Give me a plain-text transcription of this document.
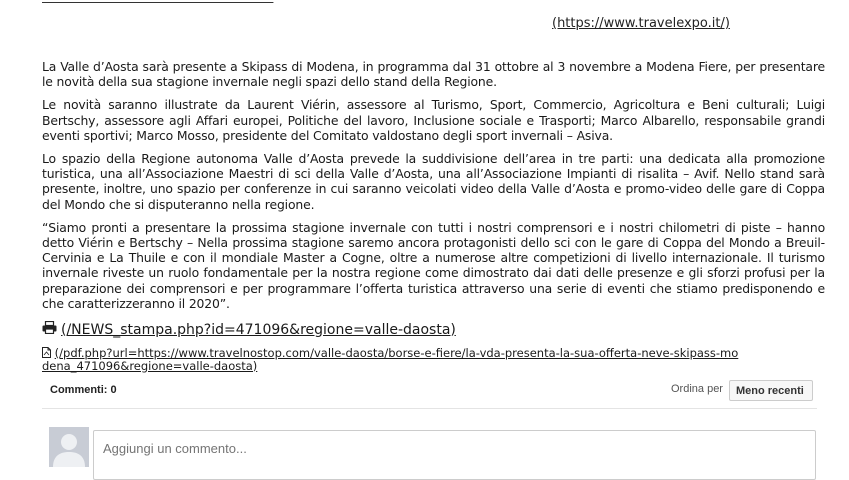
(https://www.travelexpo.it/)

La Valle d’Aosta sarà presente a Skipass di Modena, in programma dal 31 ottobre al 3 novembre a Modena Fiere, per presentare le novità della sua stagione invernale negli spazi dello stand della Regione.

Le novità saranno illustrate da Laurent Viérin, assessore al Turismo, Sport, Commercio, Agricoltura e Beni culturali; Luigi Bertschy, assessore agli Affari europei, Politiche del lavoro, Inclusione sociale e Trasporti; Marco Albarello, responsabile grandi eventi sportivi; Marco Mosso, presidente del Comitato valdostano degli sport invernali – Asiva.

Lo spazio della Regione autonoma Valle d’Aosta prevede la suddivisione dell’area in tre parti: una dedicata alla promozione turistica, una all’Associazione Maestri di sci della Valle d’Aosta, una all’Associazione Impianti di risalita – Avif. Nello stand sarà presente, inoltre, uno spazio per conferenze in cui saranno veicolati video della Valle d’Aosta e promo-video delle gare di Coppa del Mondo che si disputeranno nella regione.

“Siamo pronti a presentare la prossima stagione invernale con tutti i nostri comprensori e i nostri chilometri di piste – hanno detto Viérin e Bertschy – Nella prossima stagione saremo ancora protagonisti dello sci con le gare di Coppa del Mondo a Breuil-Cervinia e La Thuile e con il mondiale Master a Cogne, oltre a numerose altre competizioni di livello internazionale. Il turismo invernale riveste un ruolo fondamentale per la nostra regione come dimostrato dai dati delle presenze e gli sforzi profusi per la preparazione dei comprensori e per programmare l’offerta turistica attraverso una serie di eventi che stiamo predisponendo e che caratterizzeranno il 2020”.

(/NEWS_stampa.php?id=471096&regione=valle-daosta)
(/pdf.php?url=https://www.travelnostop.com/valle-daosta/borse-e-fiere/la-vda-presenta-la-sua-offerta-neve-skipass-modena_471096&regione=valle-daosta)
Commenti: 0	Ordina per	Meno recenti
Aggiungi un commento...
